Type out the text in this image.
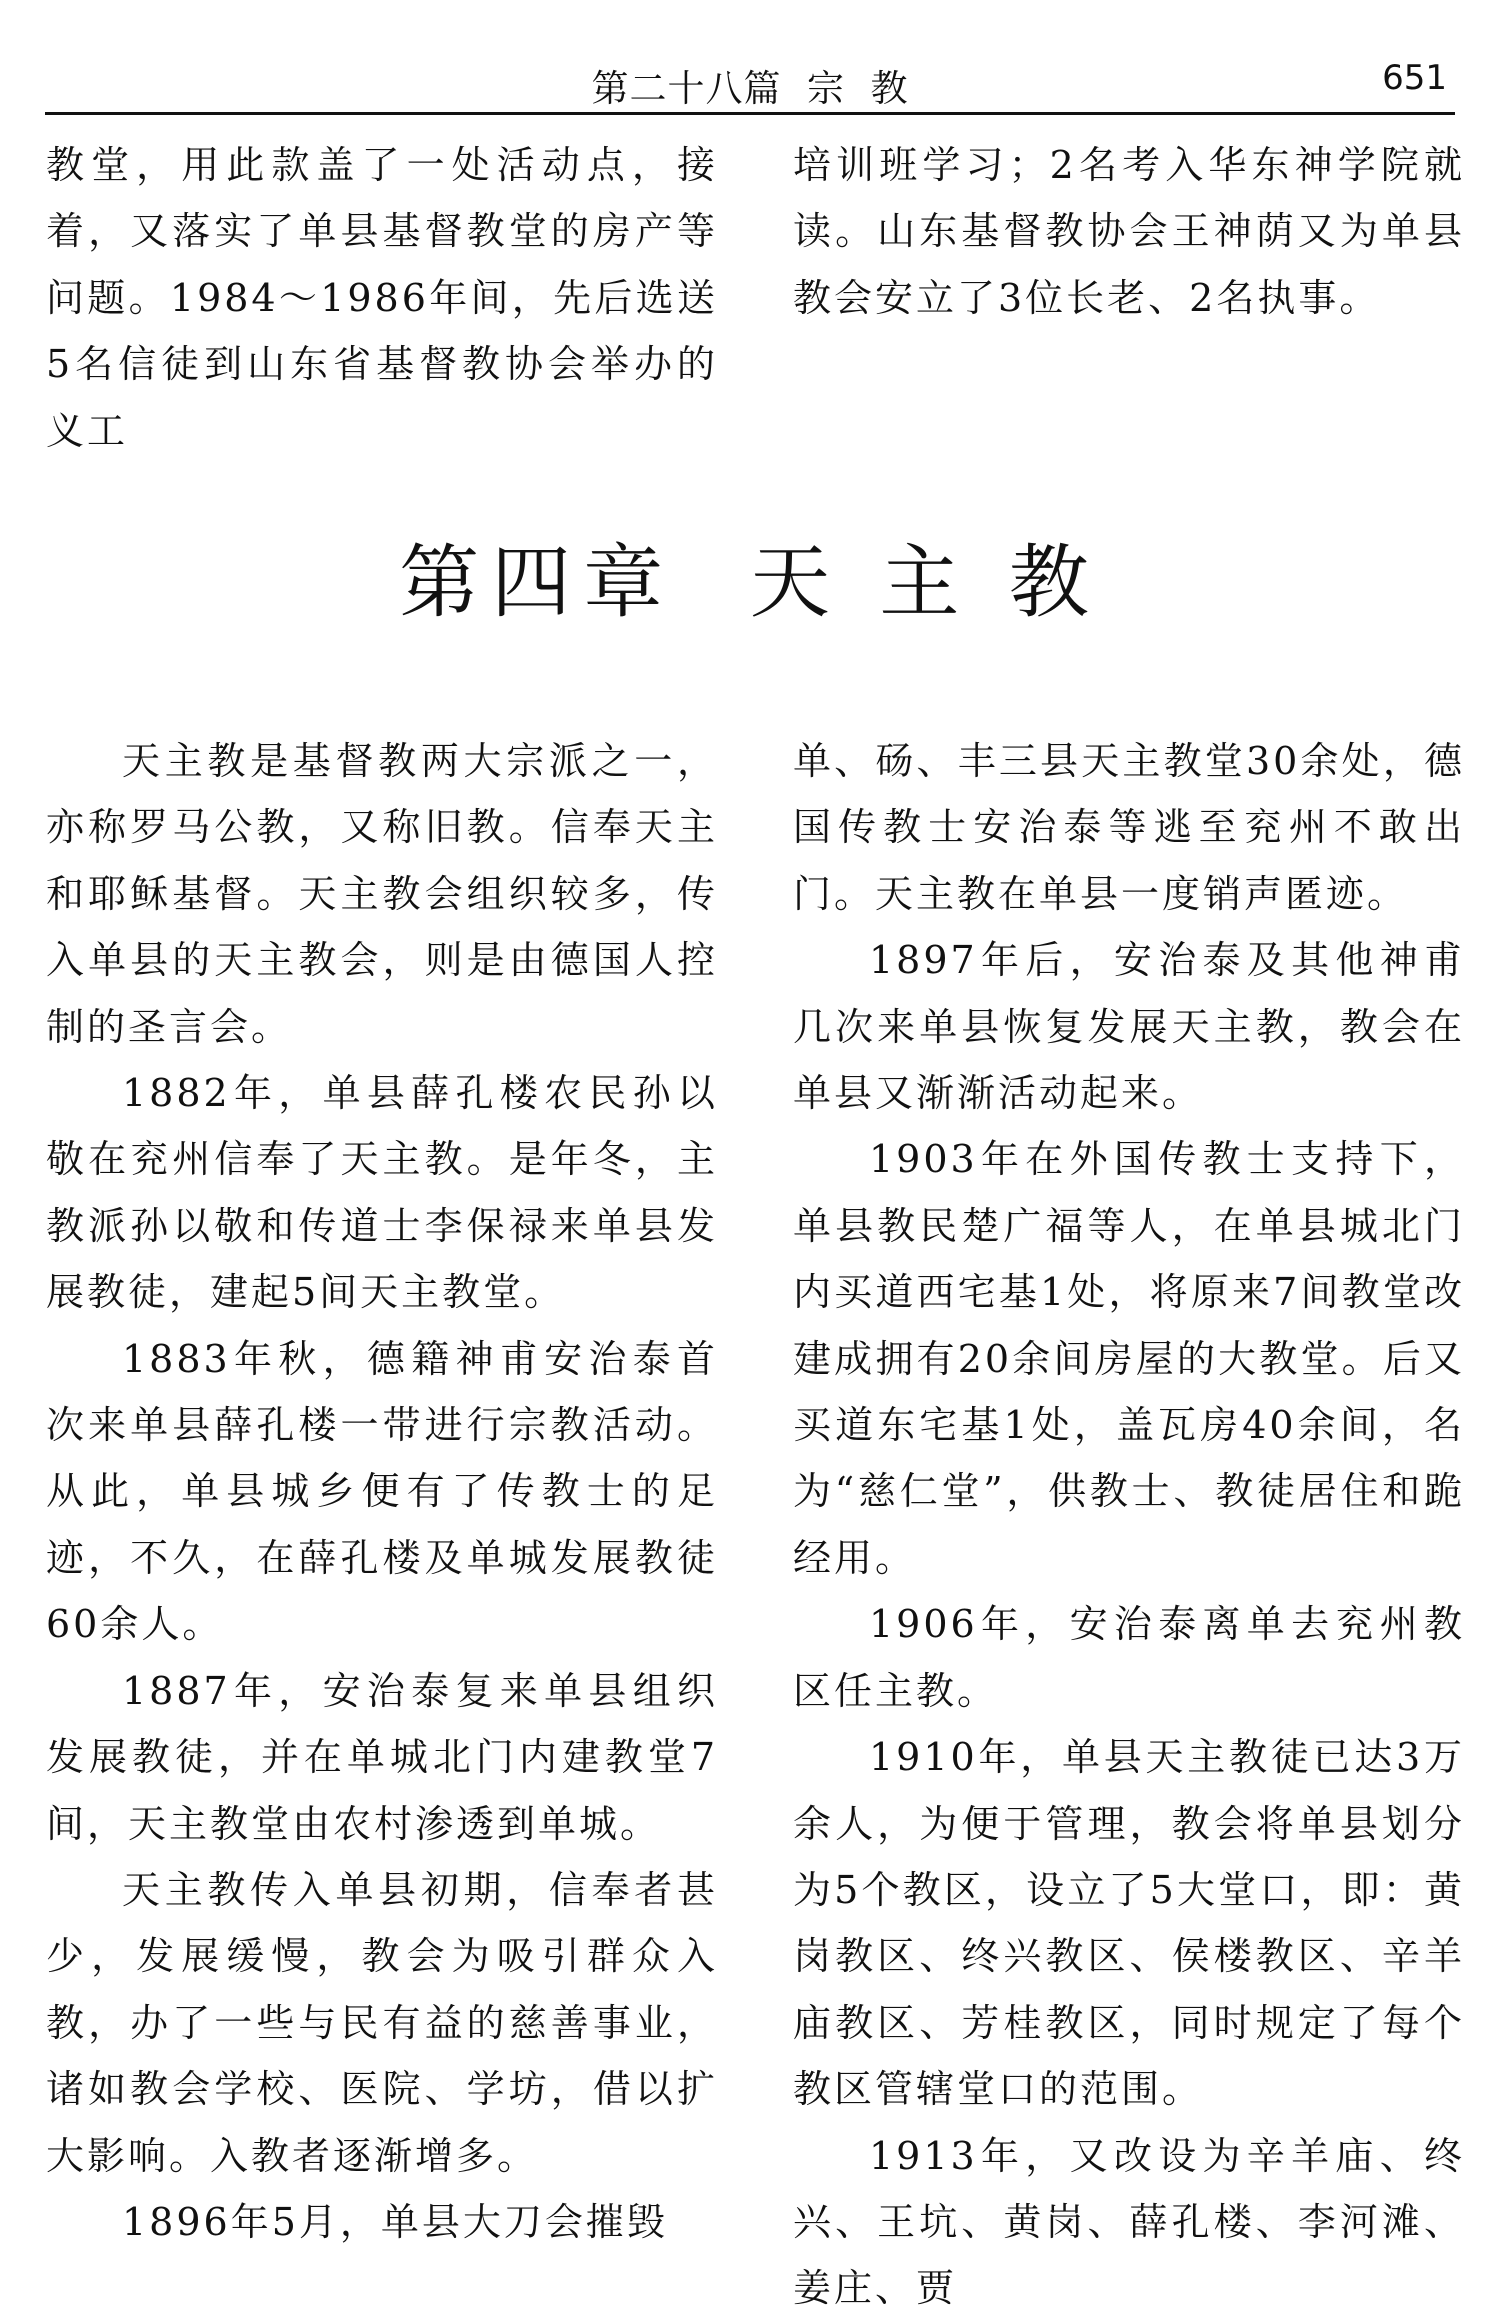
第二十八篇  宗  教	651

教堂，用此款盖了一处活动点，接着，又落实了单县基督教堂的房产等问题。1984～1986年间，先后选送5名信徒到山东省基督教协会举办的义工

培训班学习；2名考入华东神学院就读。山东基督教协会王神荫又为单县教会安立了3位长老、2名执事。

第四章  天 主 教

天主教是基督教两大宗派之一，亦称罗马公教，又称旧教。信奉天主和耶稣基督。天主教会组织较多，传入单县的天主教会，则是由德国人控制的圣言会。

1882年，单县薛孔楼农民孙以敬在兖州信奉了天主教。是年冬，主教派孙以敬和传道士李保禄来单县发展教徒，建起5间天主教堂。

1883年秋，德籍神甫安治泰首次来单县薛孔楼一带进行宗教活动。从此，单县城乡便有了传教士的足迹，不久，在薛孔楼及单城发展教徒60余人。

1887年，安治泰复来单县组织发展教徒，并在单城北门内建教堂7间，天主教堂由农村渗透到单城。

天主教传入单县初期，信奉者甚少，发展缓慢，教会为吸引群众入教，办了一些与民有益的慈善事业，诸如教会学校、医院、学坊，借以扩大影响。入教者逐渐增多。

1896年5月，单县大刀会摧毁

单、砀、丰三县天主教堂30余处，德国传教士安治泰等逃至兖州不敢出门。天主教在单县一度销声匿迹。

1897年后，安治泰及其他神甫几次来单县恢复发展天主教，教会在单县又渐渐活动起来。

1903年在外国传教士支持下，单县教民楚广福等人，在单县城北门内买道西宅基1处，将原来7间教堂改建成拥有20余间房屋的大教堂。后又买道东宅基1处，盖瓦房40余间，名为“慈仁堂”，供教士、教徒居住和跪经用。

1906年，安治泰离单去兖州教区任主教。

1910年，单县天主教徒已达3万余人，为便于管理，教会将单县划分为5个教区，设立了5大堂口，即：黄岗教区、终兴教区、侯楼教区、辛羊庙教区、芳桂教区，同时规定了每个教区管辖堂口的范围。

1913年，又改设为辛羊庙、终兴、王坑、黄岗、薛孔楼、李河滩、姜庄、贾
